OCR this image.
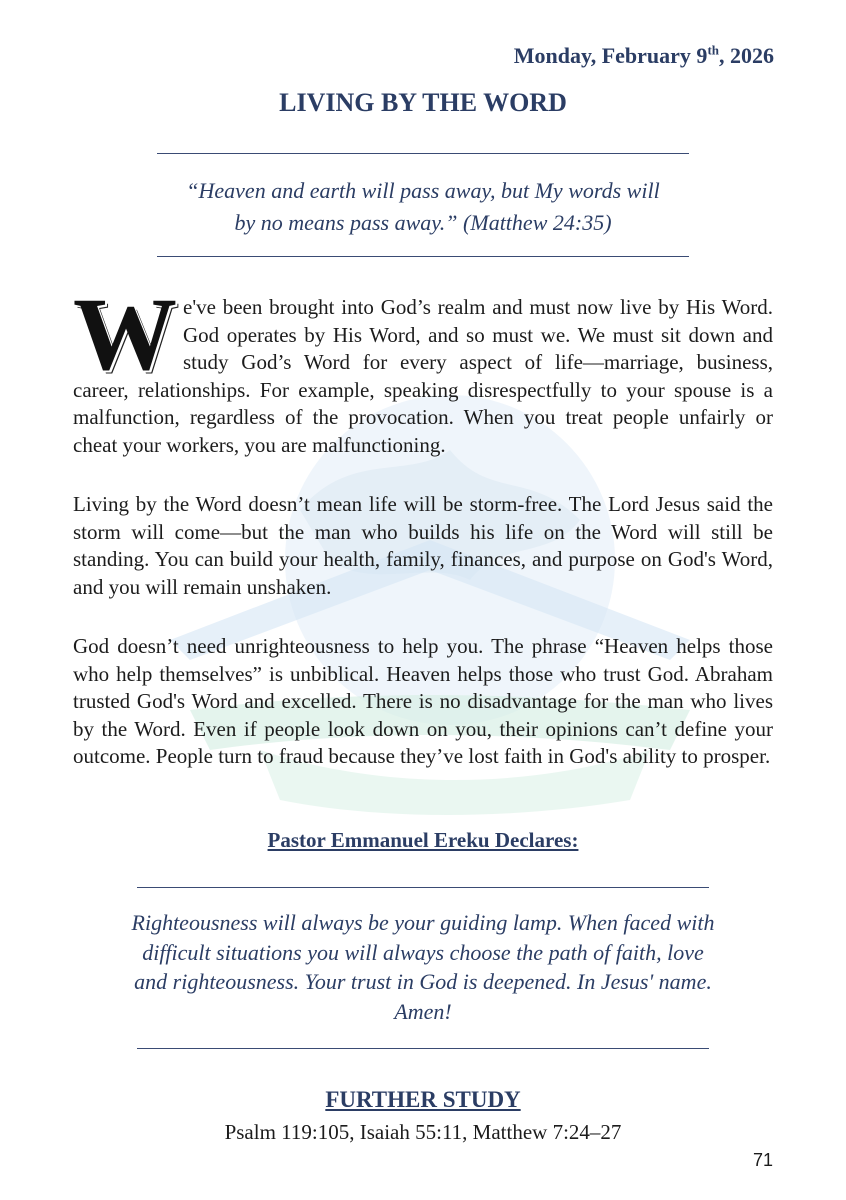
Monday, February 9th, 2026
LIVING BY THE WORD
“Heaven and earth will pass away, but My words will
by no means pass away.” (Matthew 24:35)
We've been brought into God’s realm and must now live by His Word. God operates by His Word, and so must we. We must sit down and study God’s Word for every aspect of life—marriage, business, career, relationships. For example, speaking disrespectfully to your spouse is a malfunction, regardless of the provocation. When you treat people unfairly or cheat your workers, you are malfunctioning.
Living by the Word doesn’t mean life will be storm-free. The Lord Jesus said the storm will come—but the man who builds his life on the Word will still be standing. You can build your health, family, finances, and purpose on God's Word, and you will remain unshaken.
God doesn’t need unrighteousness to help you. The phrase “Heaven helps those who help themselves” is unbiblical. Heaven helps those who trust God. Abraham trusted God's Word and excelled. There is no disadvantage for the man who lives by the Word. Even if people look down on you, their opinions can’t define your outcome. People turn to fraud because they’ve lost faith in God's ability to prosper.
Pastor Emmanuel Ereku Declares:
Righteousness will always be your guiding lamp. When faced with difficult situations you will always choose the path of faith, love and righteousness. Your trust in God is deepened. In Jesus' name. Amen!
FURTHER STUDY
Psalm 119:105, Isaiah 55:11, Matthew 7:24–27
71
